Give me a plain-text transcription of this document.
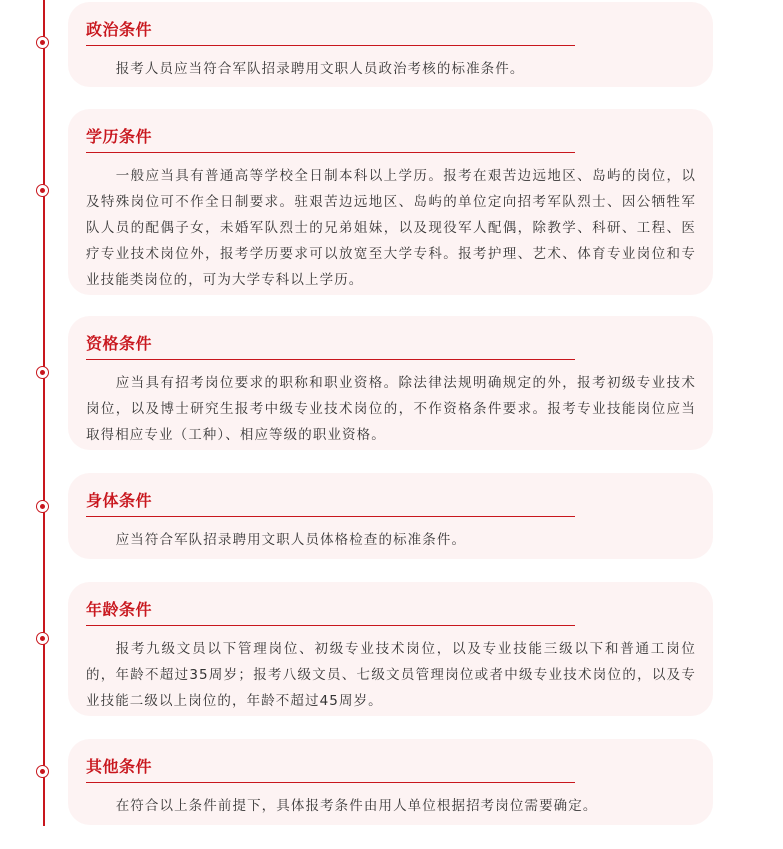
政治条件
报考人员应当符合军队招录聘用文职人员政治考核的标准条件。
学历条件
一般应当具有普通高等学校全日制本科以上学历。报考在艰苦边远地区、岛屿的岗位，以及特殊岗位可不作全日制要求。驻艰苦边远地区、岛屿的单位定向招考军队烈士、因公牺牲军队人员的配偶子女，未婚军队烈士的兄弟姐妹，以及现役军人配偶，除教学、科研、工程、医疗专业技术岗位外，报考学历要求可以放宽至大学专科。报考护理、艺术、体育专业岗位和专业技能类岗位的，可为大学专科以上学历。
资格条件
应当具有招考岗位要求的职称和职业资格。除法律法规明确规定的外，报考初级专业技术岗位，以及博士研究生报考中级专业技术岗位的，不作资格条件要求。报考专业技能岗位应当取得相应专业（工种）、相应等级的职业资格。
身体条件
应当符合军队招录聘用文职人员体格检查的标准条件。
年龄条件
报考九级文员以下管理岗位、初级专业技术岗位，以及专业技能三级以下和普通工岗位的，年龄不超过35周岁；报考八级文员、七级文员管理岗位或者中级专业技术岗位的，以及专业技能二级以上岗位的，年龄不超过45周岁。
其他条件
在符合以上条件前提下，具体报考条件由用人单位根据招考岗位需要确定。
